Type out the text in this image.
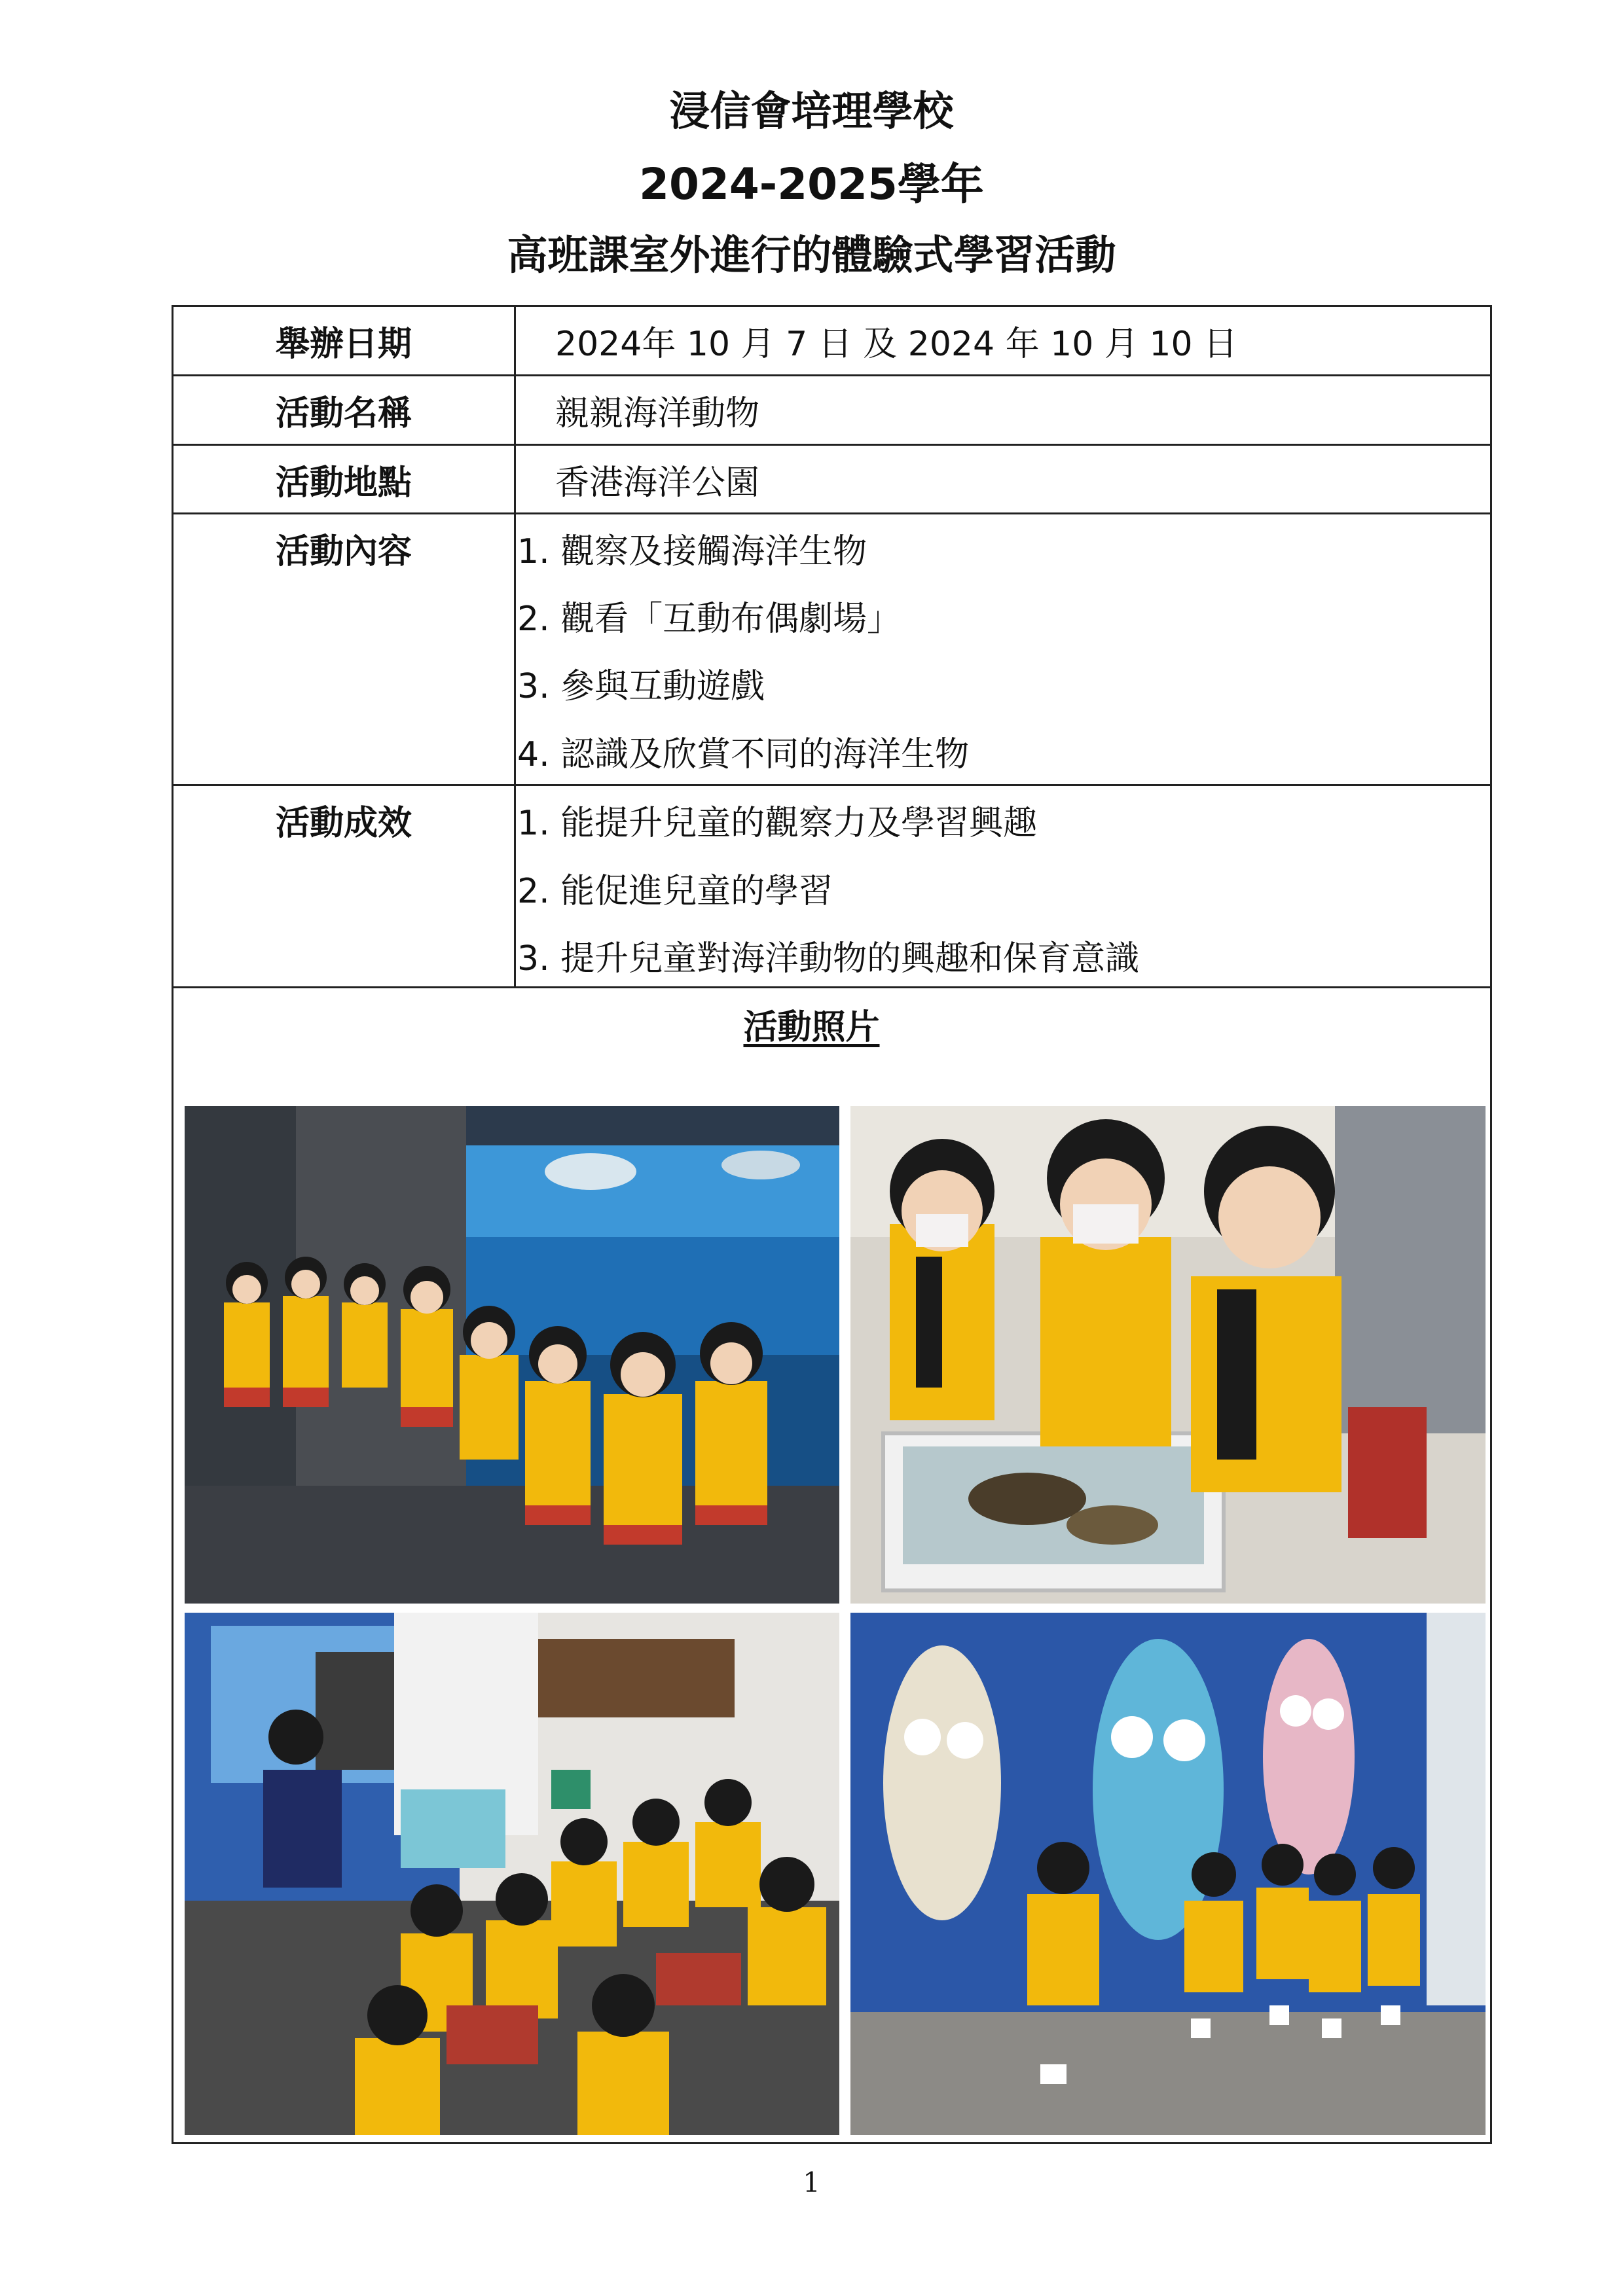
浸信會培理學校
2024-2025學年
高班課室外進行的體驗式學習活動
舉辦日期	2024年 10 月 7 日 及 2024 年 10 月 10 日
活動名稱	親親海洋動物
活動地點	香港海洋公園
活動內容	1. 觀察及接觸海洋生物
2. 觀看「互動布偶劇場」
3. 參與互動遊戲
4. 認識及欣賞不同的海洋生物
活動成效	1. 能提升兒童的觀察力及學習興趣
2. 能促進兒童的學習
3. 提升兒童對海洋動物的興趣和保育意識
活動照片
1
